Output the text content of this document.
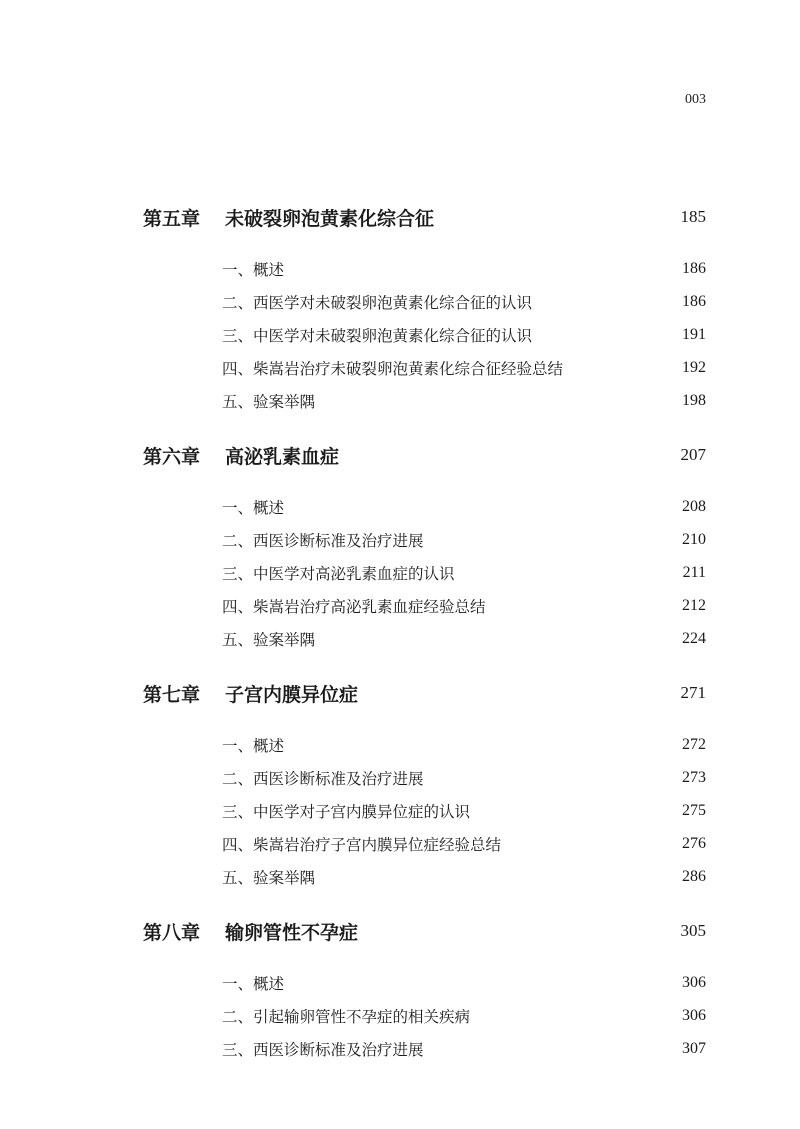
003
第五章	未破裂卵泡黄素化综合征	185
一、概述	186
二、西医学对未破裂卵泡黄素化综合征的认识	186
三、中医学对未破裂卵泡黄素化综合征的认识	191
四、柴嵩岩治疗未破裂卵泡黄素化综合征经验总结	192
五、验案举隅	198
第六章	高泌乳素血症	207
一、概述	208
二、西医诊断标准及治疗进展	210
三、中医学对高泌乳素血症的认识	211
四、柴嵩岩治疗高泌乳素血症经验总结	212
五、验案举隅	224
第七章	子宫内膜异位症	271
一、概述	272
二、西医诊断标准及治疗进展	273
三、中医学对子宫内膜异位症的认识	275
四、柴嵩岩治疗子宫内膜异位症经验总结	276
五、验案举隅	286
第八章	输卵管性不孕症	305
一、概述	306
二、引起输卵管性不孕症的相关疾病	306
三、西医诊断标准及治疗进展	307
